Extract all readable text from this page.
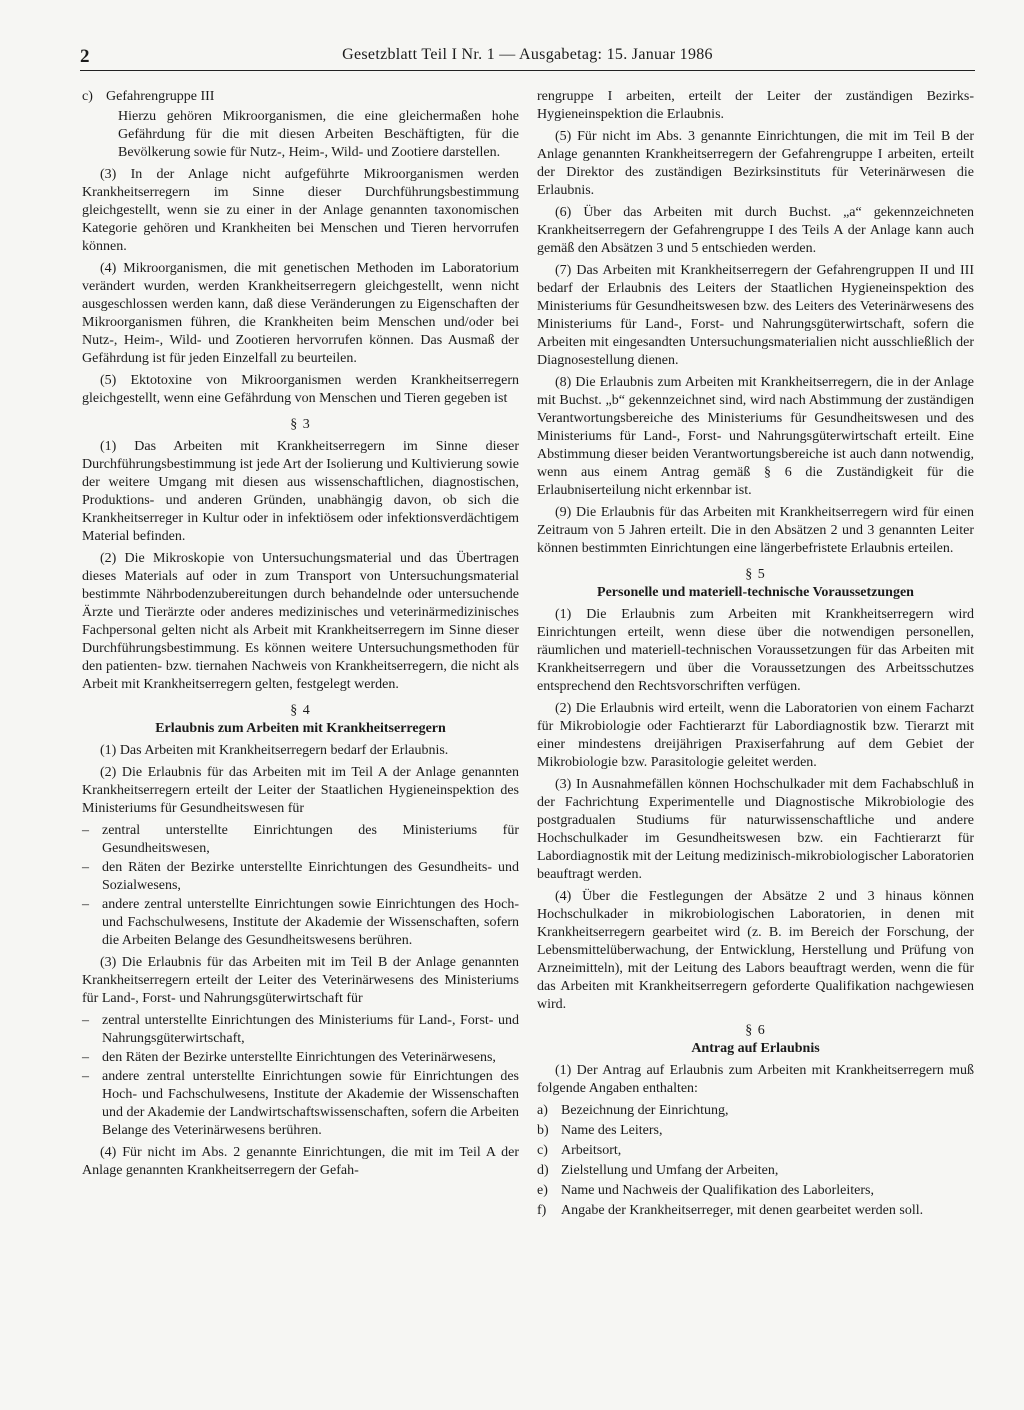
2	Gesetzblatt Teil I Nr. 1 — Ausgabetag: 15. Januar 1986
c) Gefahrengruppe III

Hierzu gehören Mikroorganismen, die eine gleichermaßen hohe Gefährdung für die mit diesen Arbeiten Beschäftigten, für die Bevölkerung sowie für Nutz-, Heim-, Wild- und Zootiere darstellen.

(3) In der Anlage nicht aufgeführte Mikroorganismen werden Krankheitserregern im Sinne dieser Durchführungsbestimmung gleichgestellt, wenn sie zu einer in der Anlage genannten taxonomischen Kategorie gehören und Krankheiten bei Menschen und Tieren hervorrufen können.

(4) Mikroorganismen, die mit genetischen Methoden im Laboratorium verändert wurden, werden Krankheitserregern gleichgestellt, wenn nicht ausgeschlossen werden kann, daß diese Veränderungen zu Eigenschaften der Mikroorganismen führen, die Krankheiten beim Menschen und/oder bei Nutz-, Heim-, Wild- und Zootieren hervorrufen können. Das Ausmaß der Gefährdung ist für jeden Einzelfall zu beurteilen.

(5) Ektotoxine von Mikroorganismen werden Krankheitserregern gleichgestellt, wenn eine Gefährdung von Menschen und Tieren gegeben ist

§ 3

(1) Das Arbeiten mit Krankheitserregern im Sinne dieser Durchführungsbestimmung ist jede Art der Isolierung und Kultivierung sowie der weitere Umgang mit diesen aus wissenschaftlichen, diagnostischen, Produktions- und anderen Gründen, unabhängig davon, ob sich die Krankheitserreger in Kultur oder in infektiösem oder infektionsverdächtigem Material befinden.

(2) Die Mikroskopie von Untersuchungsmaterial und das Übertragen dieses Materials auf oder in zum Transport von Untersuchungsmaterial bestimmte Nährbodenzubereitungen durch behandelnde oder untersuchende Ärzte und Tierärzte oder anderes medizinisches und veterinärmedizinisches Fachpersonal gelten nicht als Arbeit mit Krankheitserregern im Sinne dieser Durchführungsbestimmung. Es können weitere Untersuchungsmethoden für den patienten- bzw. tiernahen Nachweis von Krankheitserregern, die nicht als Arbeit mit Krankheitserregern gelten, festgelegt werden.

§ 4
Erlaubnis zum Arbeiten mit Krankheitserregern

(1) Das Arbeiten mit Krankheitserregern bedarf der Erlaubnis.

(2) Die Erlaubnis für das Arbeiten mit im Teil A der Anlage genannten Krankheitserregern erteilt der Leiter der Staatlichen Hygieneinspektion des Ministeriums für Gesundheitswesen für

– zentral unterstellte Einrichtungen des Ministeriums für Gesundheitswesen,
– den Räten der Bezirke unterstellte Einrichtungen des Gesundheits- und Sozialwesens,
– andere zentral unterstellte Einrichtungen sowie Einrichtungen des Hoch- und Fachschulwesens, Institute der Akademie der Wissenschaften, sofern die Arbeiten Belange des Gesundheitswesens berühren.

(3) Die Erlaubnis für das Arbeiten mit im Teil B der Anlage genannten Krankheitserregern erteilt der Leiter des Veterinärwesens des Ministeriums für Land-, Forst- und Nahrungsgüterwirtschaft für

– zentral unterstellte Einrichtungen des Ministeriums für Land-, Forst- und Nahrungsgüterwirtschaft,
– den Räten der Bezirke unterstellte Einrichtungen des Veterinärwesens,
– andere zentral unterstellte Einrichtungen sowie für Einrichtungen des Hoch- und Fachschulwesens, Institute der Akademie der Wissenschaften und der Akademie der Landwirtschaftswissenschaften, sofern die Arbeiten Belange des Veterinärwesens berühren.

(4) Für nicht im Abs. 2 genannte Einrichtungen, die mit im Teil A der Anlage genannten Krankheitserregern der Gefah-

rengruppe I arbeiten, erteilt der Leiter der zuständigen Bezirks-Hygieneinspektion die Erlaubnis.

(5) Für nicht im Abs. 3 genannte Einrichtungen, die mit im Teil B der Anlage genannten Krankheitserregern der Gefahrengruppe I arbeiten, erteilt der Direktor des zuständigen Bezirksinstituts für Veterinärwesen die Erlaubnis.

(6) Über das Arbeiten mit durch Buchst. „a“ gekennzeichneten Krankheitserregern der Gefahrengruppe I des Teils A der Anlage kann auch gemäß den Absätzen 3 und 5 entschieden werden.

(7) Das Arbeiten mit Krankheitserregern der Gefahrengruppen II und III bedarf der Erlaubnis des Leiters der Staatlichen Hygieneinspektion des Ministeriums für Gesundheitswesen bzw. des Leiters des Veterinärwesens des Ministeriums für Land-, Forst- und Nahrungsgüterwirtschaft, sofern die Arbeiten mit eingesandten Untersuchungsmaterialien nicht ausschließlich der Diagnosestellung dienen.

(8) Die Erlaubnis zum Arbeiten mit Krankheitserregern, die in der Anlage mit Buchst. „b“ gekennzeichnet sind, wird nach Abstimmung der zuständigen Verantwortungsbereiche des Ministeriums für Gesundheitswesen und des Ministeriums für Land-, Forst- und Nahrungsgüterwirtschaft erteilt. Eine Abstimmung dieser beiden Verantwortungsbereiche ist auch dann notwendig, wenn aus einem Antrag gemäß § 6 die Zuständigkeit für die Erlaubniserteilung nicht erkennbar ist.

(9) Die Erlaubnis für das Arbeiten mit Krankheitserregern wird für einen Zeitraum von 5 Jahren erteilt. Die in den Absätzen 2 und 3 genannten Leiter können bestimmten Einrichtungen eine längerbefristete Erlaubnis erteilen.

§ 5
Personelle und materiell-technische Voraussetzungen

(1) Die Erlaubnis zum Arbeiten mit Krankheitserregern wird Einrichtungen erteilt, wenn diese über die notwendigen personellen, räumlichen und materiell-technischen Voraussetzungen für das Arbeiten mit Krankheitserregern und über die Voraussetzungen des Arbeitsschutzes entsprechend den Rechtsvorschriften verfügen.

(2) Die Erlaubnis wird erteilt, wenn die Laboratorien von einem Facharzt für Mikrobiologie oder Fachtierarzt für Labordiagnostik bzw. Tierarzt mit einer mindestens dreijährigen Praxiserfahrung auf dem Gebiet der Mikrobiologie bzw. Parasitologie geleitet werden.

(3) In Ausnahmefällen können Hochschulkader mit dem Fachabschluß in der Fachrichtung Experimentelle und Diagnostische Mikrobiologie des postgradualen Studiums für naturwissenschaftliche und andere Hochschulkader im Gesundheitswesen bzw. ein Fachtierarzt für Labordiagnostik mit der Leitung medizinisch-mikrobiologischer Laboratorien beauftragt werden.

(4) Über die Festlegungen der Absätze 2 und 3 hinaus können Hochschulkader in mikrobiologischen Laboratorien, in denen mit Krankheitserregern gearbeitet wird (z. B. im Bereich der Forschung, der Lebensmittelüberwachung, der Entwicklung, Herstellung und Prüfung von Arzneimitteln), mit der Leitung des Labors beauftragt werden, wenn die für das Arbeiten mit Krankheitserregern geforderte Qualifikation nachgewiesen wird.

§ 6
Antrag auf Erlaubnis

(1) Der Antrag auf Erlaubnis zum Arbeiten mit Krankheitserregern muß folgende Angaben enthalten:

a) Bezeichnung der Einrichtung,
b) Name des Leiters,
c) Arbeitsort,
d) Zielstellung und Umfang der Arbeiten,
e) Name und Nachweis der Qualifikation des Laborleiters,
f)	Angabe der Krankheitserreger, mit denen gearbeitet werden soll.
